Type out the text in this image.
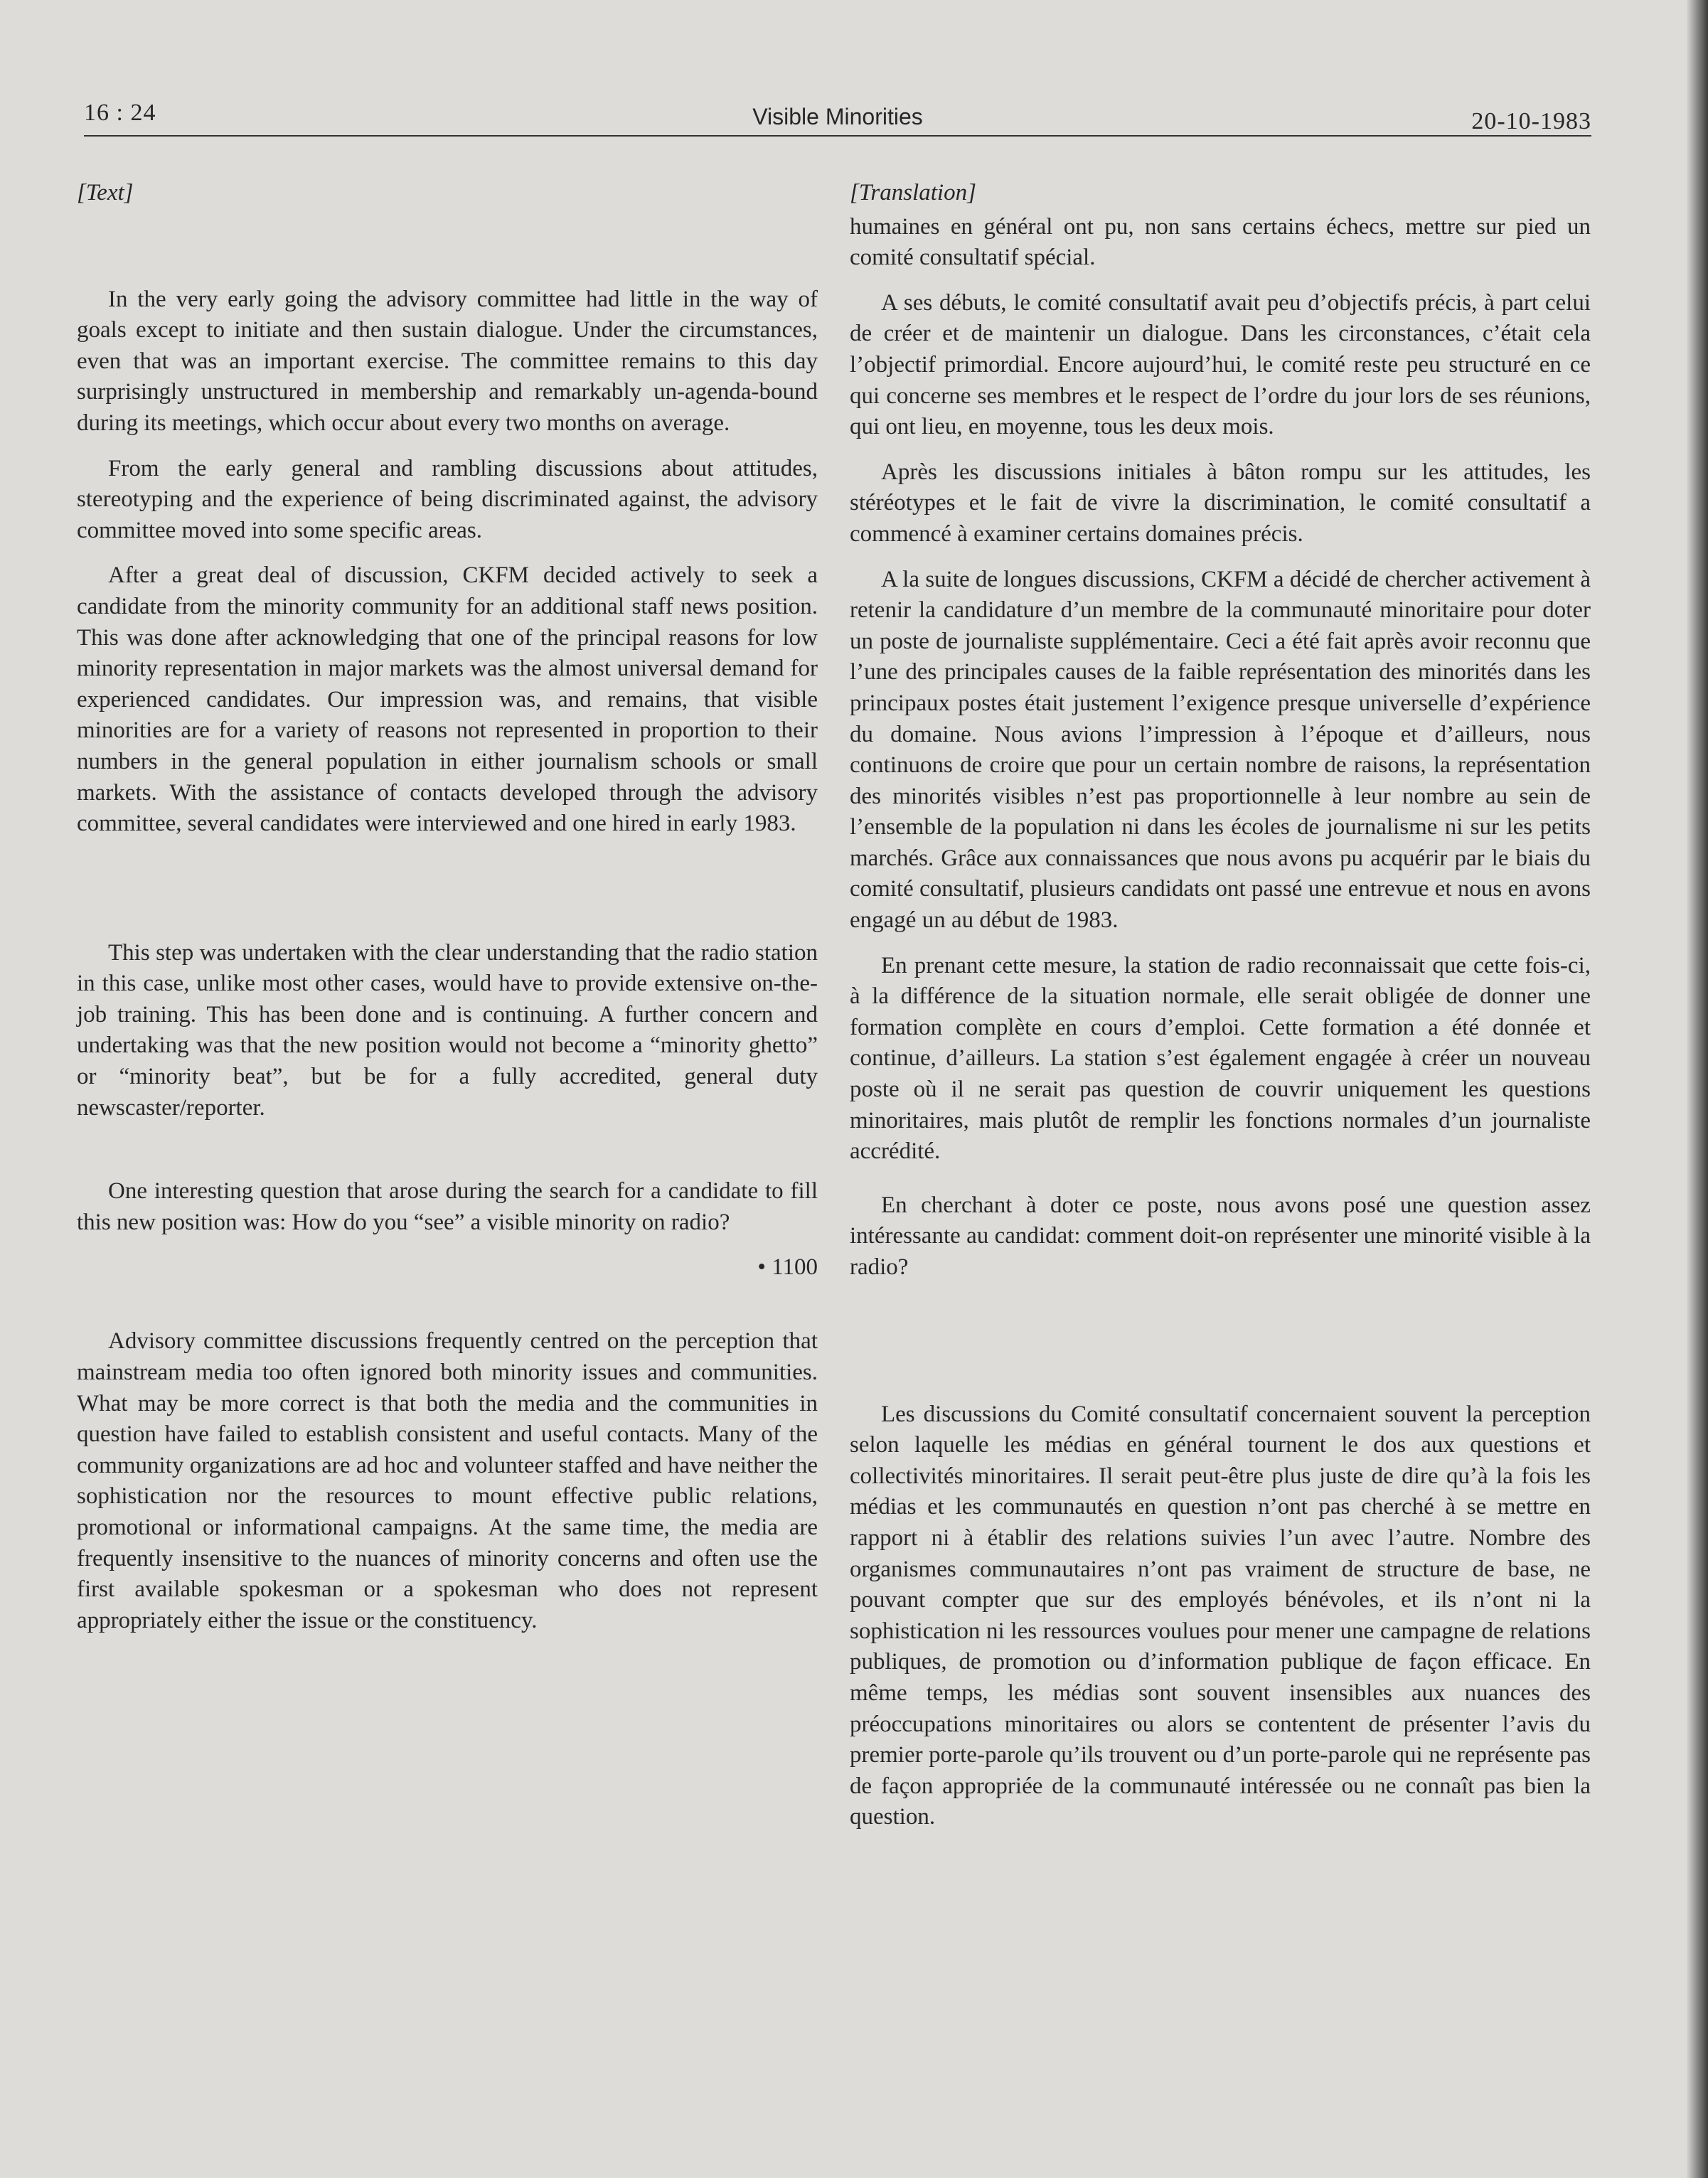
16 : 24	Visible Minorities	20-10-1983
[Text]

In the very early going the advisory committee had little in the way of goals except to initiate and then sustain dialogue. Under the circumstances, even that was an important exercise. The committee remains to this day surprisingly unstructured in membership and remarkably un-agenda-bound during its meetings, which occur about every two months on average.

From the early general and rambling discussions about attitudes, stereotyping and the experience of being discriminated against, the advisory committee moved into some specific areas.

After a great deal of discussion, CKFM decided actively to seek a candidate from the minority community for an additional staff news position. This was done after acknowledging that one of the principal reasons for low minority representation in major markets was the almost universal demand for experienced candidates. Our impression was, and remains, that visible minorities are for a variety of reasons not represented in proportion to their numbers in the general population in either journalism schools or small markets. With the assistance of contacts developed through the advisory committee, several candidates were interviewed and one hired in early 1983.

This step was undertaken with the clear understanding that the radio station in this case, unlike most other cases, would have to provide extensive on-the-job training. This has been done and is continuing. A further concern and undertaking was that the new position would not become a “minority ghetto” or “minority beat”, but be for a fully accredited, general duty newscaster/reporter.

One interesting question that arose during the search for a candidate to fill this new position was: How do you “see” a visible minority on radio?

• 1100

Advisory committee discussions frequently centred on the perception that mainstream media too often ignored both minority issues and communities. What may be more correct is that both the media and the communities in question have failed to establish consistent and useful contacts. Many of the community organizations are ad hoc and volunteer staffed and have neither the sophistication nor the resources to mount effective public relations, promotional or informational campaigns. At the same time, the media are frequently insensitive to the nuances of minority concerns and often use the first available spokesman or a spokesman who does not represent appropriately either the issue or the constituency.

[Translation]

humaines en général ont pu, non sans certains échecs, mettre sur pied un comité consultatif spécial.

A ses débuts, le comité consultatif avait peu d’objectifs précis, à part celui de créer et de maintenir un dialogue. Dans les circonstances, c’était cela l’objectif primordial. Encore aujourd’hui, le comité reste peu structuré en ce qui concerne ses membres et le respect de l’ordre du jour lors de ses réunions, qui ont lieu, en moyenne, tous les deux mois.

Après les discussions initiales à bâton rompu sur les attitudes, les stéréotypes et le fait de vivre la discrimination, le comité consultatif a commencé à examiner certains domaines précis.

A la suite de longues discussions, CKFM a décidé de chercher activement à retenir la candidature d’un membre de la communauté minoritaire pour doter un poste de journaliste supplémentaire. Ceci a été fait après avoir reconnu que l’une des principales causes de la faible représentation des minorités dans les principaux postes était justement l’exigence presque universelle d’expérience du domaine. Nous avions l’impression à l’époque et d’ailleurs, nous continuons de croire que pour un certain nombre de raisons, la représentation des minorités visibles n’est pas proportionnelle à leur nombre au sein de l’ensemble de la population ni dans les écoles de journalisme ni sur les petits marchés. Grâce aux connaissances que nous avons pu acquérir par le biais du comité consultatif, plusieurs candidats ont passé une entrevue et nous en avons engagé un au début de 1983.

En prenant cette mesure, la station de radio reconnaissait que cette fois-ci, à la différence de la situation normale, elle serait obligée de donner une formation complète en cours d’emploi. Cette formation a été donnée et continue, d’ailleurs. La station s’est également engagée à créer un nouveau poste où il ne serait pas question de couvrir uniquement les questions minoritaires, mais plutôt de remplir les fonctions normales d’un journaliste accrédité.

En cherchant à doter ce poste, nous avons posé une question assez intéressante au candidat: comment doit-on représenter une minorité visible à la radio?

Les discussions du Comité consultatif concernaient souvent la perception selon laquelle les médias en général tournent le dos aux questions et collectivités minoritaires. Il serait peut-être plus juste de dire qu’à la fois les médias et les communautés en question n’ont pas cherché à se mettre en rapport ni à établir des relations suivies l’un avec l’autre. Nombre des organismes communautaires n’ont pas vraiment de structure de base, ne pouvant compter que sur des employés bénévoles, et ils n’ont ni la sophistication ni les ressources voulues pour mener une campagne de relations publiques, de promotion ou d’information publique de façon efficace. En même temps, les médias sont souvent insensibles aux nuances des préoccupations minoritaires ou alors se contentent de présenter l’avis du premier porte-parole qu’ils trouvent ou d’un porte-parole qui ne représente pas de façon appropriée de la communauté intéressée ou ne connaît pas bien la question.
